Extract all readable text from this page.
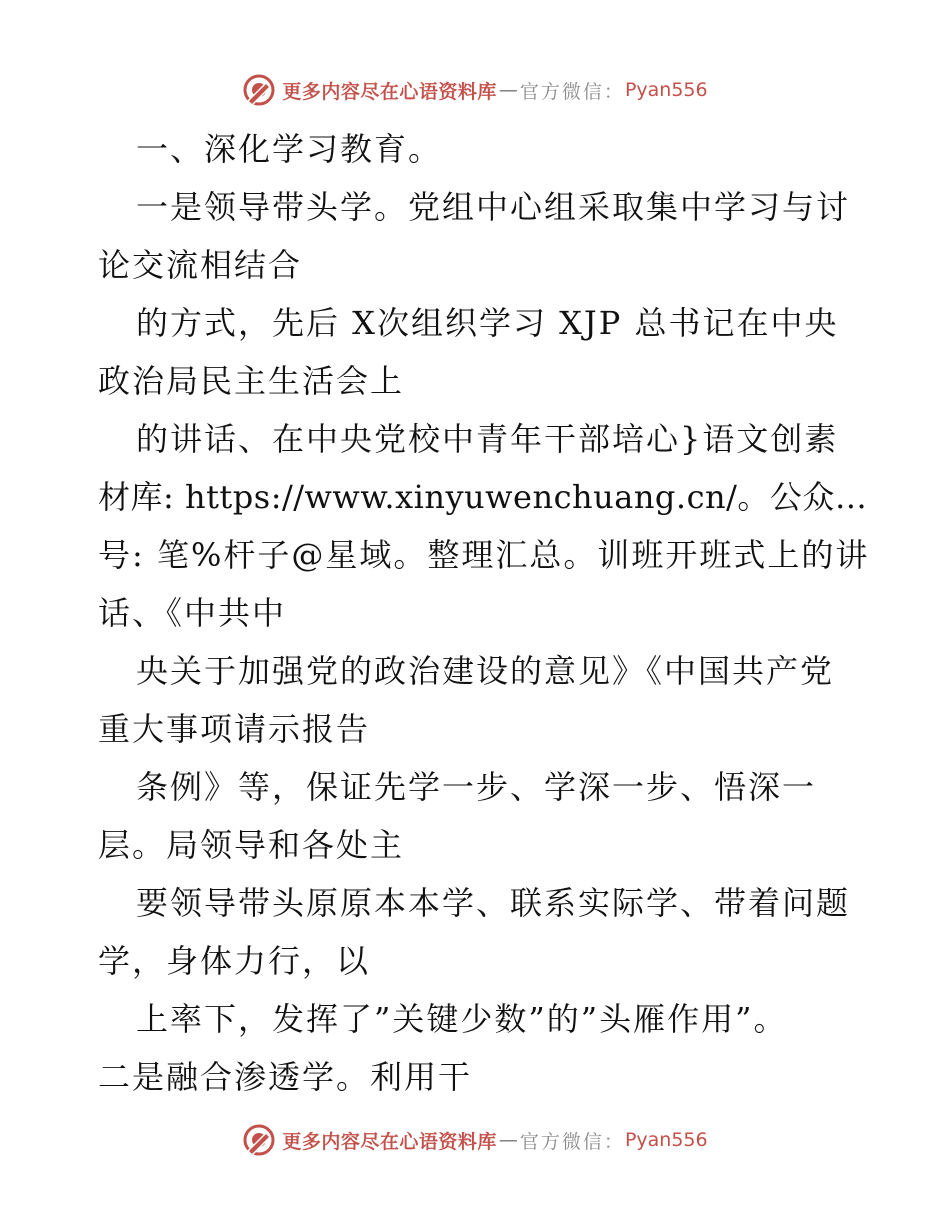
更多内容尽在心语资料库 — 官方微信： Pyan556
一、深化学习教育。
一是领导带头学。党组中心组采取集中学习与讨
论交流相结合
的方式，先后 X次组织学习 XJP 总书记在中央
政治局民主生活会上
的讲话、在中央党校中青年干部培心}语文创素
材库: https://www.xinyuwenchuang.cn/。公众…
号: 笔%杆子@星域。整理汇总。训班开班式上的讲
话、《中共中
央关于加强党的政治建设的意见》《中国共产党
重大事项请示报告
条例》等，保证先学一步、学深一步、悟深一
层。局领导和各处主
要领导带头原原本本学、联系实际学、带着问题
学，身体力行，以
上率下，发挥了”关键少数”的”头雁作用”。
二是融合渗透学。利用干
更多内容尽在心语资料库 — 官方微信： Pyan556
